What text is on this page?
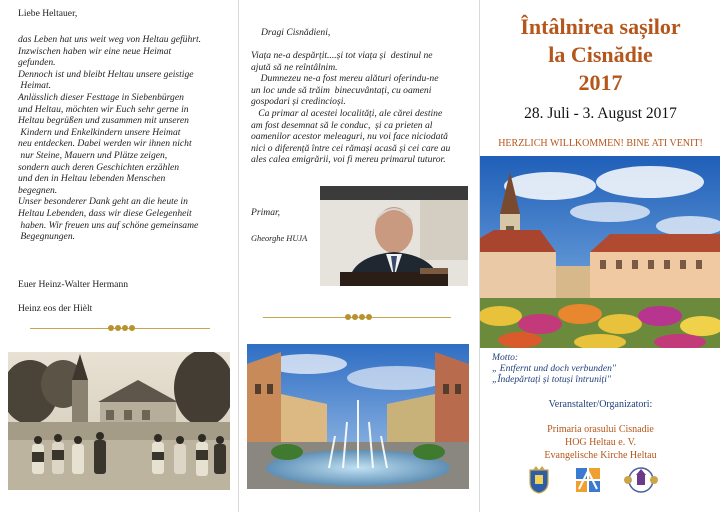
Liebe Heltauer,
das Leben hat uns weit weg von Heltau geführt.
Inzwischen haben wir eine neue Heimat
gefunden.
Dennoch ist und bleibt Heltau unsere geistige
Heimat.
Anlässlich dieser Festtage in Siebenbürgen
und Heltau, möchten wir Euch sehr gerne in
Heltau begrüßen und zusammen mit unseren
Kindern und Enkelkindern unsere Heimat
neu entdecken. Dabei werden wir ihnen nicht
nur Steine, Mauern und Plätze zeigen,
sondern auch deren Geschichten erzählen
und den in Heltau lebenden Menschen
begegnen.
Unser besonderer Dank geht an die heute in
Heltau Lebenden, dass wir diese Gelegenheit
haben. Wir freuen uns auf schöne gemeinsame
Begegnungen.
Euer Heinz-Walter Hermann
Heinz eos der Hièlt
Dragi Cisnădieni,
Viața ne-a despărțit....și tot viața și  destinul ne
ajută să ne reîntâlnim.
Dumnezeu ne-a fost mereu alături oferindu-ne
un loc unde să trăim  binecuvântați, cu oameni
gospodari și credincioși.
Ca primar al acestei localități, ale cărei destine
am fost desemnat să le conduc,  și ca prieten al
oamenilor acestor meleaguri, nu voi face niciodată
nici o diferență între cei rămași acasă și cei care au
ales calea emigrării, voi fi mereu primarul tuturor.
Primar,
Gheorghe HUJA
Întâlnirea sașilor
la Cisnădie
2017
28. Juli - 3. August 2017
HERZLICH WILLKOMMEN! BINE ATI VENIT!
Motto:
„ Entfernt und doch verbunden"
„Îndepărtați și totuși întruniți"
Veranstalter/Organizatori:
Primaria orasului Cisnadie
HOG Heltau e. V.
Evangelische Kirche Heltau
